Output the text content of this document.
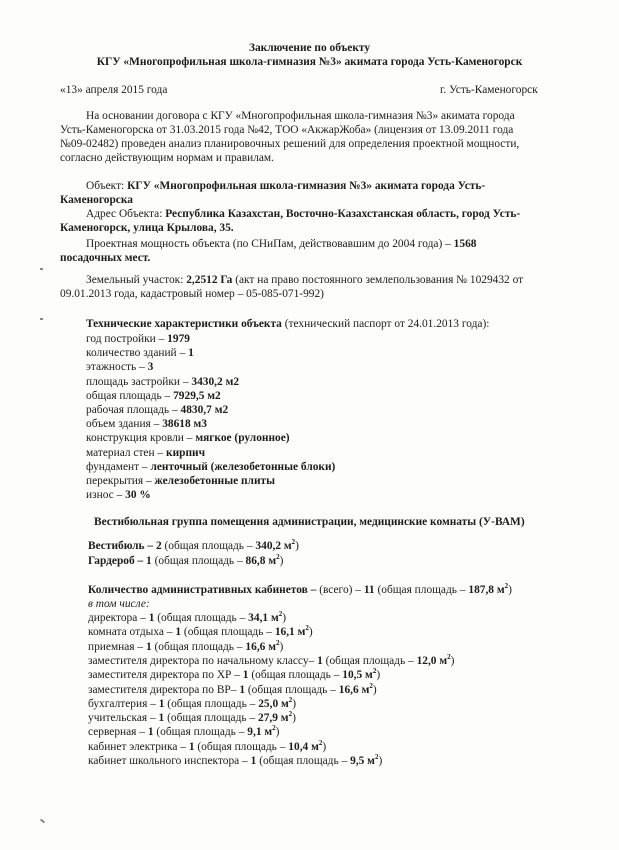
Заключение по объекту
КГУ «Многопрофильная школа-гимназия №3» акимата города Усть-Каменогорск
«13» апреля 2015 года	г. Усть-Каменогорск
На основании договора с КГУ «Многопрофильная школа-гимназия №3» акимата города
Усть-Каменогорска от 31.03.2015 года №42, ТОО «АкжарЖоба» (лицензия от 13.09.2011 года
№09-02482) проведен анализ планировочных решений для определения проектной мощности,
согласно действующим нормам и правилам.
Объект: КГУ «Многопрофильная школа-гимназия №3» акимата города Усть-
Каменогорска
Адрес Объекта: Республика Казахстан, Восточно-Казахстанская область, город Усть-
Каменогорск, улица Крылова, 35.
Проектная мощность объекта (по СНиПам, действовавшим до 2004 года) – 1568
посадочных мест.
Земельный участок: 2,2512 Га (акт на право постоянного землепользования № 1029432 от
09.01.2013 года, кадастровый номер – 05-085-071-992)
Технические характеристики объекта (технический паспорт от 24.01.2013 года):
год постройки – 1979
количество зданий – 1
этажность – 3
площадь застройки – 3430,2 м2
общая площадь – 7929,5 м2
рабочая площадь – 4830,7 м2
объем здания – 38618 м3
конструкция кровли – мягкое (рулонное)
материал стен – кирпич
фундамент – ленточный (железобетонные блоки)
перекрытия – железобетонные плиты
износ – 30 %
Вестибюльная группа помещения администрации, медицинские комнаты (У-ВАМ)
Вестибюль – 2 (общая площадь – 340,2 $м^2$)
Гардероб – 1 (общая площадь – 86,8 $м^2$)
Количество административных кабинетов – (всего) – 11 (общая площадь – 187,8 $м^2$)
в том числе:
директора – 1 (общая площадь – 34,1 $м^2$)
комната отдыха – 1 (общая площадь – 16,1 $м^2$)
приемная – 1 (общая площадь – 16,6 $м^2$)
заместителя директора по начальному классу– 1 (общая площадь – 12,0 $м^2$)
заместителя директора по ХР – 1 (общая площадь – 10,5 $м^2$)
заместителя директора по ВР– 1 (общая площадь – 16,6 $м^2$)
бухгалтерия – 1 (общая площадь – 25,0 $м^2$)
учительская – 1 (общая площадь – 27,9 $м^2$)
серверная – 1 (общая площадь – 9,1 $м^2$)
кабинет электрика – 1 (общая площадь – 10,4 $м^2$)
кабинет школьного инспектора – 1 (общая площадь – 9,5 $м^2$)
